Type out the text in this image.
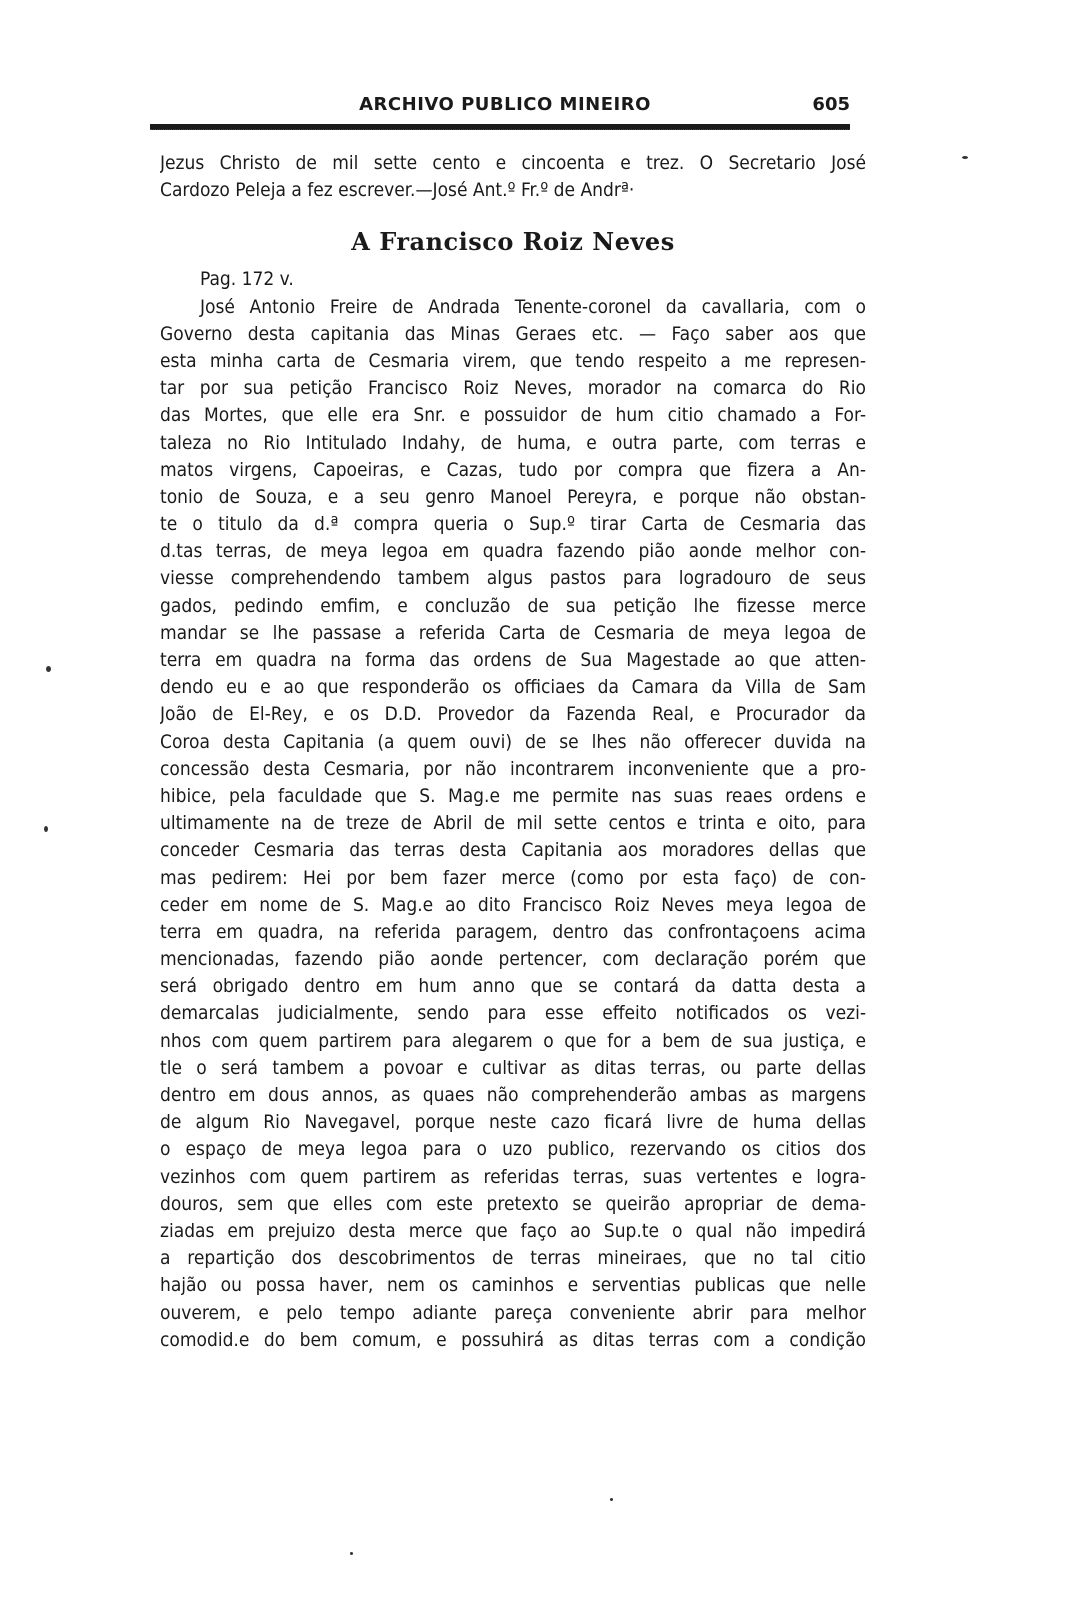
ARCHIVO PUBLICO MINEIRO	605
Jezus Christo de mil sette cento e cincoenta e trez. O Secretario José
Cardozo Peleja a fez escrever.—José Ant.º Fr.º de Andrª·
A Francisco Roiz Neves
Pag. 172 v.
José Antonio Freire de Andrada Tenente-coronel da cavallaria, com o
Governo desta capitania das Minas Geraes etc. — Faço saber aos que
esta minha carta de Cesmaria virem, que tendo respeito a me represen-
tar por sua petição Francisco Roiz Neves, morador na comarca do Rio
das Mortes, que elle era Snr. e possuidor de hum citio chamado a For-
taleza no Rio Intitulado Indahy, de huma, e outra parte, com terras e
matos virgens, Capoeiras, e Cazas, tudo por compra que fizera a An-
tonio de Souza, e a seu genro Manoel Pereyra, e porque não obstan-
te o titulo da d.ª compra queria o Sup.º tirar Carta de Cesmaria das
d.tas terras, de meya legoa em quadra fazendo pião aonde melhor con-
viesse comprehendendo tambem algus pastos para logradouro de seus
gados, pedindo emfim, e concluzão de sua petição lhe fizesse merce
mandar se lhe passase a referida Carta de Cesmaria de meya legoa de
terra em quadra na forma das ordens de Sua Magestade ao que atten-
dendo eu e ao que responderão os officiaes da Camara da Villa de Sam
João de El-Rey, e os D.D. Provedor da Fazenda Real, e Procurador da
Coroa desta Capitania (a quem ouvi) de se lhes não offerecer duvida na
concessão desta Cesmaria, por não incontrarem inconveniente que a pro-
hibice, pela faculdade que S. Mag.e me permite nas suas reaes ordens e
ultimamente na de treze de Abril de mil sette centos e trinta e oito, para
conceder Cesmaria das terras desta Capitania aos moradores dellas que
mas pedirem: Hei por bem fazer merce (como por esta faço) de con-
ceder em nome de S. Mag.e ao dito Francisco Roiz Neves meya legoa de
terra em quadra, na referida paragem, dentro das confrontaçoens acima
mencionadas, fazendo pião aonde pertencer, com declaração porém que
será obrigado dentro em hum anno que se contará da datta desta a
demarcalas judicialmente, sendo para esse effeito notificados os vezi-
nhos com quem partirem para alegarem o que for a bem de sua justiça, e
tle o será tambem a povoar e cultivar as ditas terras, ou parte dellas
dentro em dous annos, as quaes não comprehenderão ambas as margens
de algum Rio Navegavel, porque neste cazo ficará livre de huma dellas
o espaço de meya legoa para o uzo publico, rezervando os citios dos
vezinhos com quem partirem as referidas terras, suas vertentes e logra-
douros, sem que elles com este pretexto se queirão apropriar de dema-
ziadas em prejuizo desta merce que faço ao Sup.te o qual não impedirá
a repartição dos descobrimentos de terras mineiraes, que no tal citio
hajão ou possa haver, nem os caminhos e serventias publicas que nelle
ouverem, e pelo tempo adiante pareça conveniente abrir para melhor
comodid.e do bem comum, e possuhirá as ditas terras com a condição
